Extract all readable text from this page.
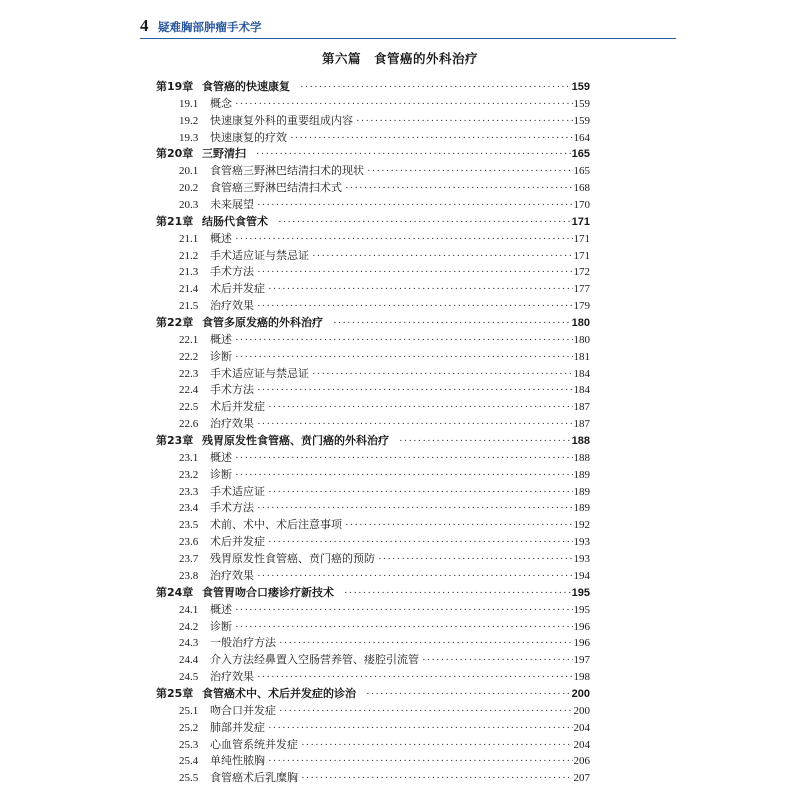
4 疑难胸部肿瘤手术学
第六篇　食管癌的外科治疗
第19章 食管癌的快速康复 ·····	159
19.1	概念 ·····	159
19.2	快速康复外科的重要组成内容 ·····	159
19.3	快速康复的疗效 ·····	164
第20章 三野清扫 ·····	165
20.1	食管癌三野淋巴结清扫术的现状 ·····	165
20.2	食管癌三野淋巴结清扫术式 ·····	168
20.3	未来展望 ·····	170
第21章 结肠代食管术 ·····	171
21.1	概述 ·····	171
21.2	手术适应证与禁忌证 ·····	171
21.3	手术方法 ·····	172
21.4	术后并发症 ·····	177
21.5	治疗效果 ·····	179
第22章 食管多原发癌的外科治疗 ·····	180
22.1	概述 ·····	180
22.2	诊断 ·····	181
22.3	手术适应证与禁忌证 ·····	184
22.4	手术方法 ·····	184
22.5	术后并发症 ·····	187
22.6	治疗效果 ·····	187
第23章 残胃原发性食管癌、贲门癌的外科治疗 ·····	188
23.1	概述 ·····	188
23.2	诊断 ·····	189
23.3	手术适应证 ·····	189
23.4	手术方法 ·····	189
23.5	术前、术中、术后注意事项 ·····	192
23.6	术后并发症 ·····	193
23.7	残胃原发性食管癌、贲门癌的预防 ·····	193
23.8	治疗效果 ·····	194
第24章 食管胃吻合口瘘诊疗新技术 ·····	195
24.1	概述 ·····	195
24.2	诊断 ·····	196
24.3	一般治疗方法 ·····	196
24.4	介入方法经鼻置入空肠营养管、瘘腔引流管 ·····	197
24.5	治疗效果 ·····	198
第25章 食管癌术中、术后并发症的诊治 ·····	200
25.1	吻合口并发症 ·····	200
25.2	肺部并发症 ·····	204
25.3	心血管系统并发症 ·····	204
25.4	单纯性脓胸 ·····	206
25.5	食管癌术后乳糜胸 ·····	207
